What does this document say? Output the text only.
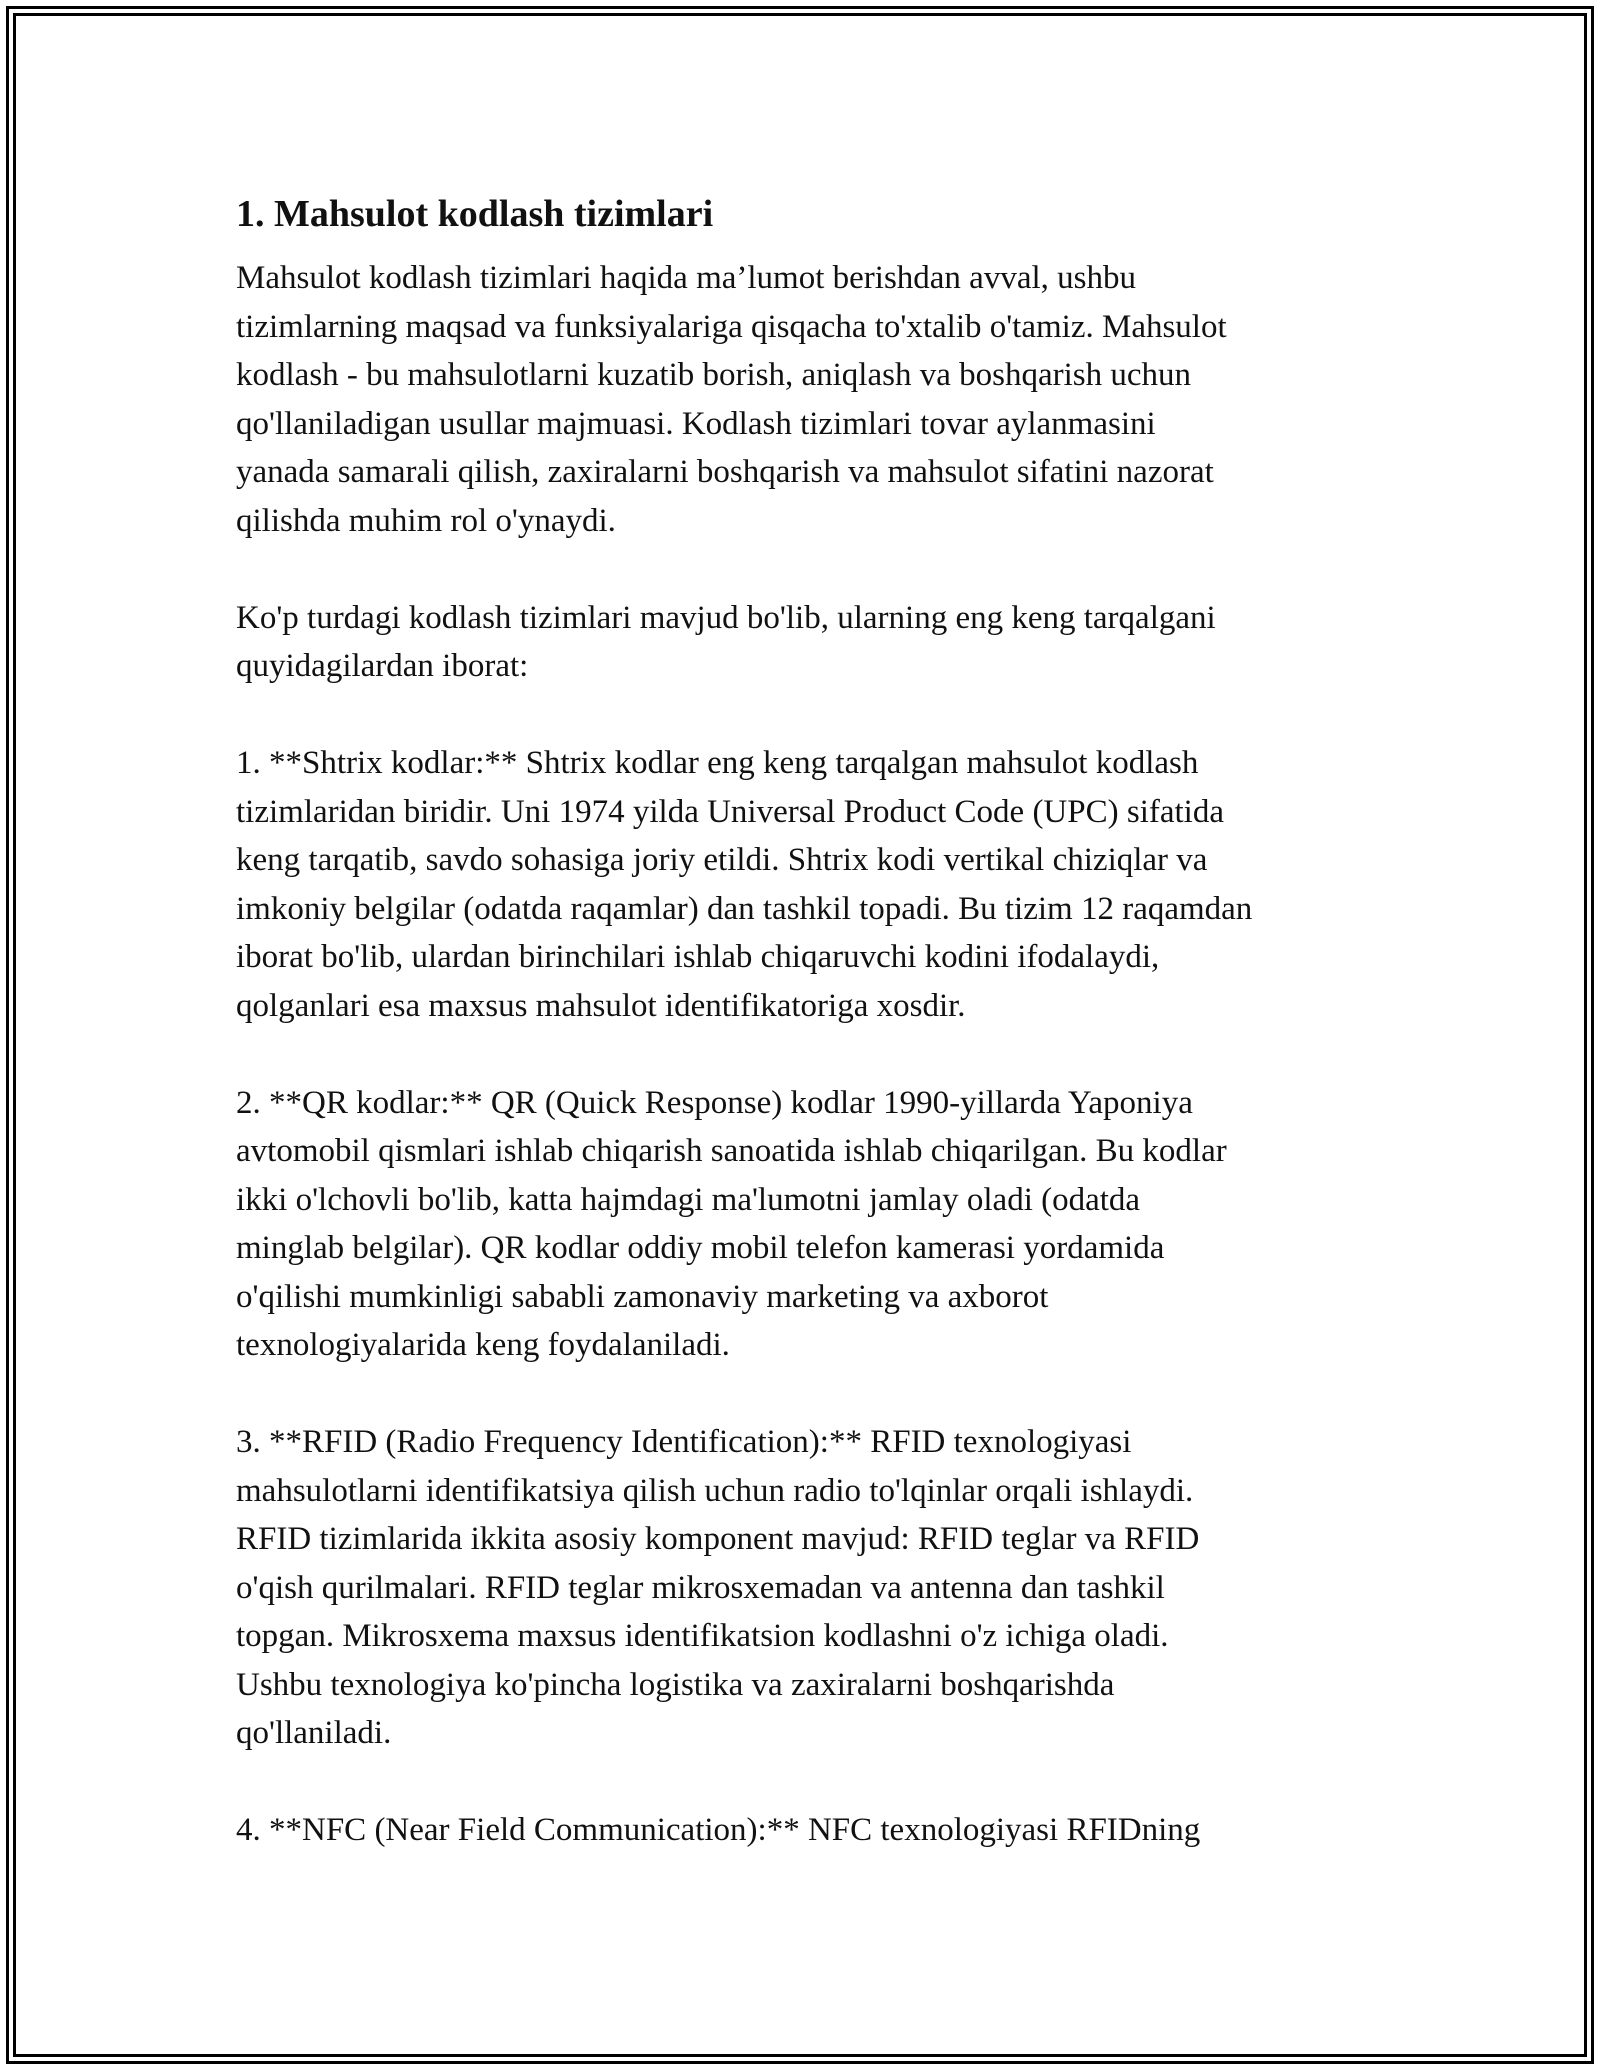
1. Mahsulot kodlash tizimlari

Mahsulot kodlash tizimlari haqida ma’lumot berishdan avval, ushbu
tizimlarning maqsad va funksiyalariga qisqacha to'xtalib o'tamiz. Mahsulot
kodlash - bu mahsulotlarni kuzatib borish, aniqlash va boshqarish uchun
qo'llaniladigan usullar majmuasi. Kodlash tizimlari tovar aylanmasini
yanada samarali qilish, zaxiralarni boshqarish va mahsulot sifatini nazorat
qilishda muhim rol o'ynaydi.

Ko'p turdagi kodlash tizimlari mavjud bo'lib, ularning eng keng tarqalgani
quyidagilardan iborat:

1. **Shtrix kodlar:** Shtrix kodlar eng keng tarqalgan mahsulot kodlash
tizimlaridan biridir. Uni 1974 yilda Universal Product Code (UPC) sifatida
keng tarqatib, savdo sohasiga joriy etildi. Shtrix kodi vertikal chiziqlar va
imkoniy belgilar (odatda raqamlar) dan tashkil topadi. Bu tizim 12 raqamdan
iborat bo'lib, ulardan birinchilari ishlab chiqaruvchi kodini ifodalaydi,
qolganlari esa maxsus mahsulot identifikatoriga xosdir.

2. **QR kodlar:** QR (Quick Response) kodlar 1990-yillarda Yaponiya
avtomobil qismlari ishlab chiqarish sanoatida ishlab chiqarilgan. Bu kodlar
ikki o'lchovli bo'lib, katta hajmdagi ma'lumotni jamlay oladi (odatda
minglab belgilar). QR kodlar oddiy mobil telefon kamerasi yordamida
o'qilishi mumkinligi sababli zamonaviy marketing va axborot
texnologiyalarida keng foydalaniladi.

3. **RFID (Radio Frequency Identification):** RFID texnologiyasi
mahsulotlarni identifikatsiya qilish uchun radio to'lqinlar orqali ishlaydi.
RFID tizimlarida ikkita asosiy komponent mavjud: RFID teglar va RFID
o'qish qurilmalari. RFID teglar mikrosxemadan va antenna dan tashkil
topgan. Mikrosxema maxsus identifikatsion kodlashni o'z ichiga oladi.
Ushbu texnologiya ko'pincha logistika va zaxiralarni boshqarishda
qo'llaniladi.

4. **NFC (Near Field Communication):** NFC texnologiyasi RFIDning
